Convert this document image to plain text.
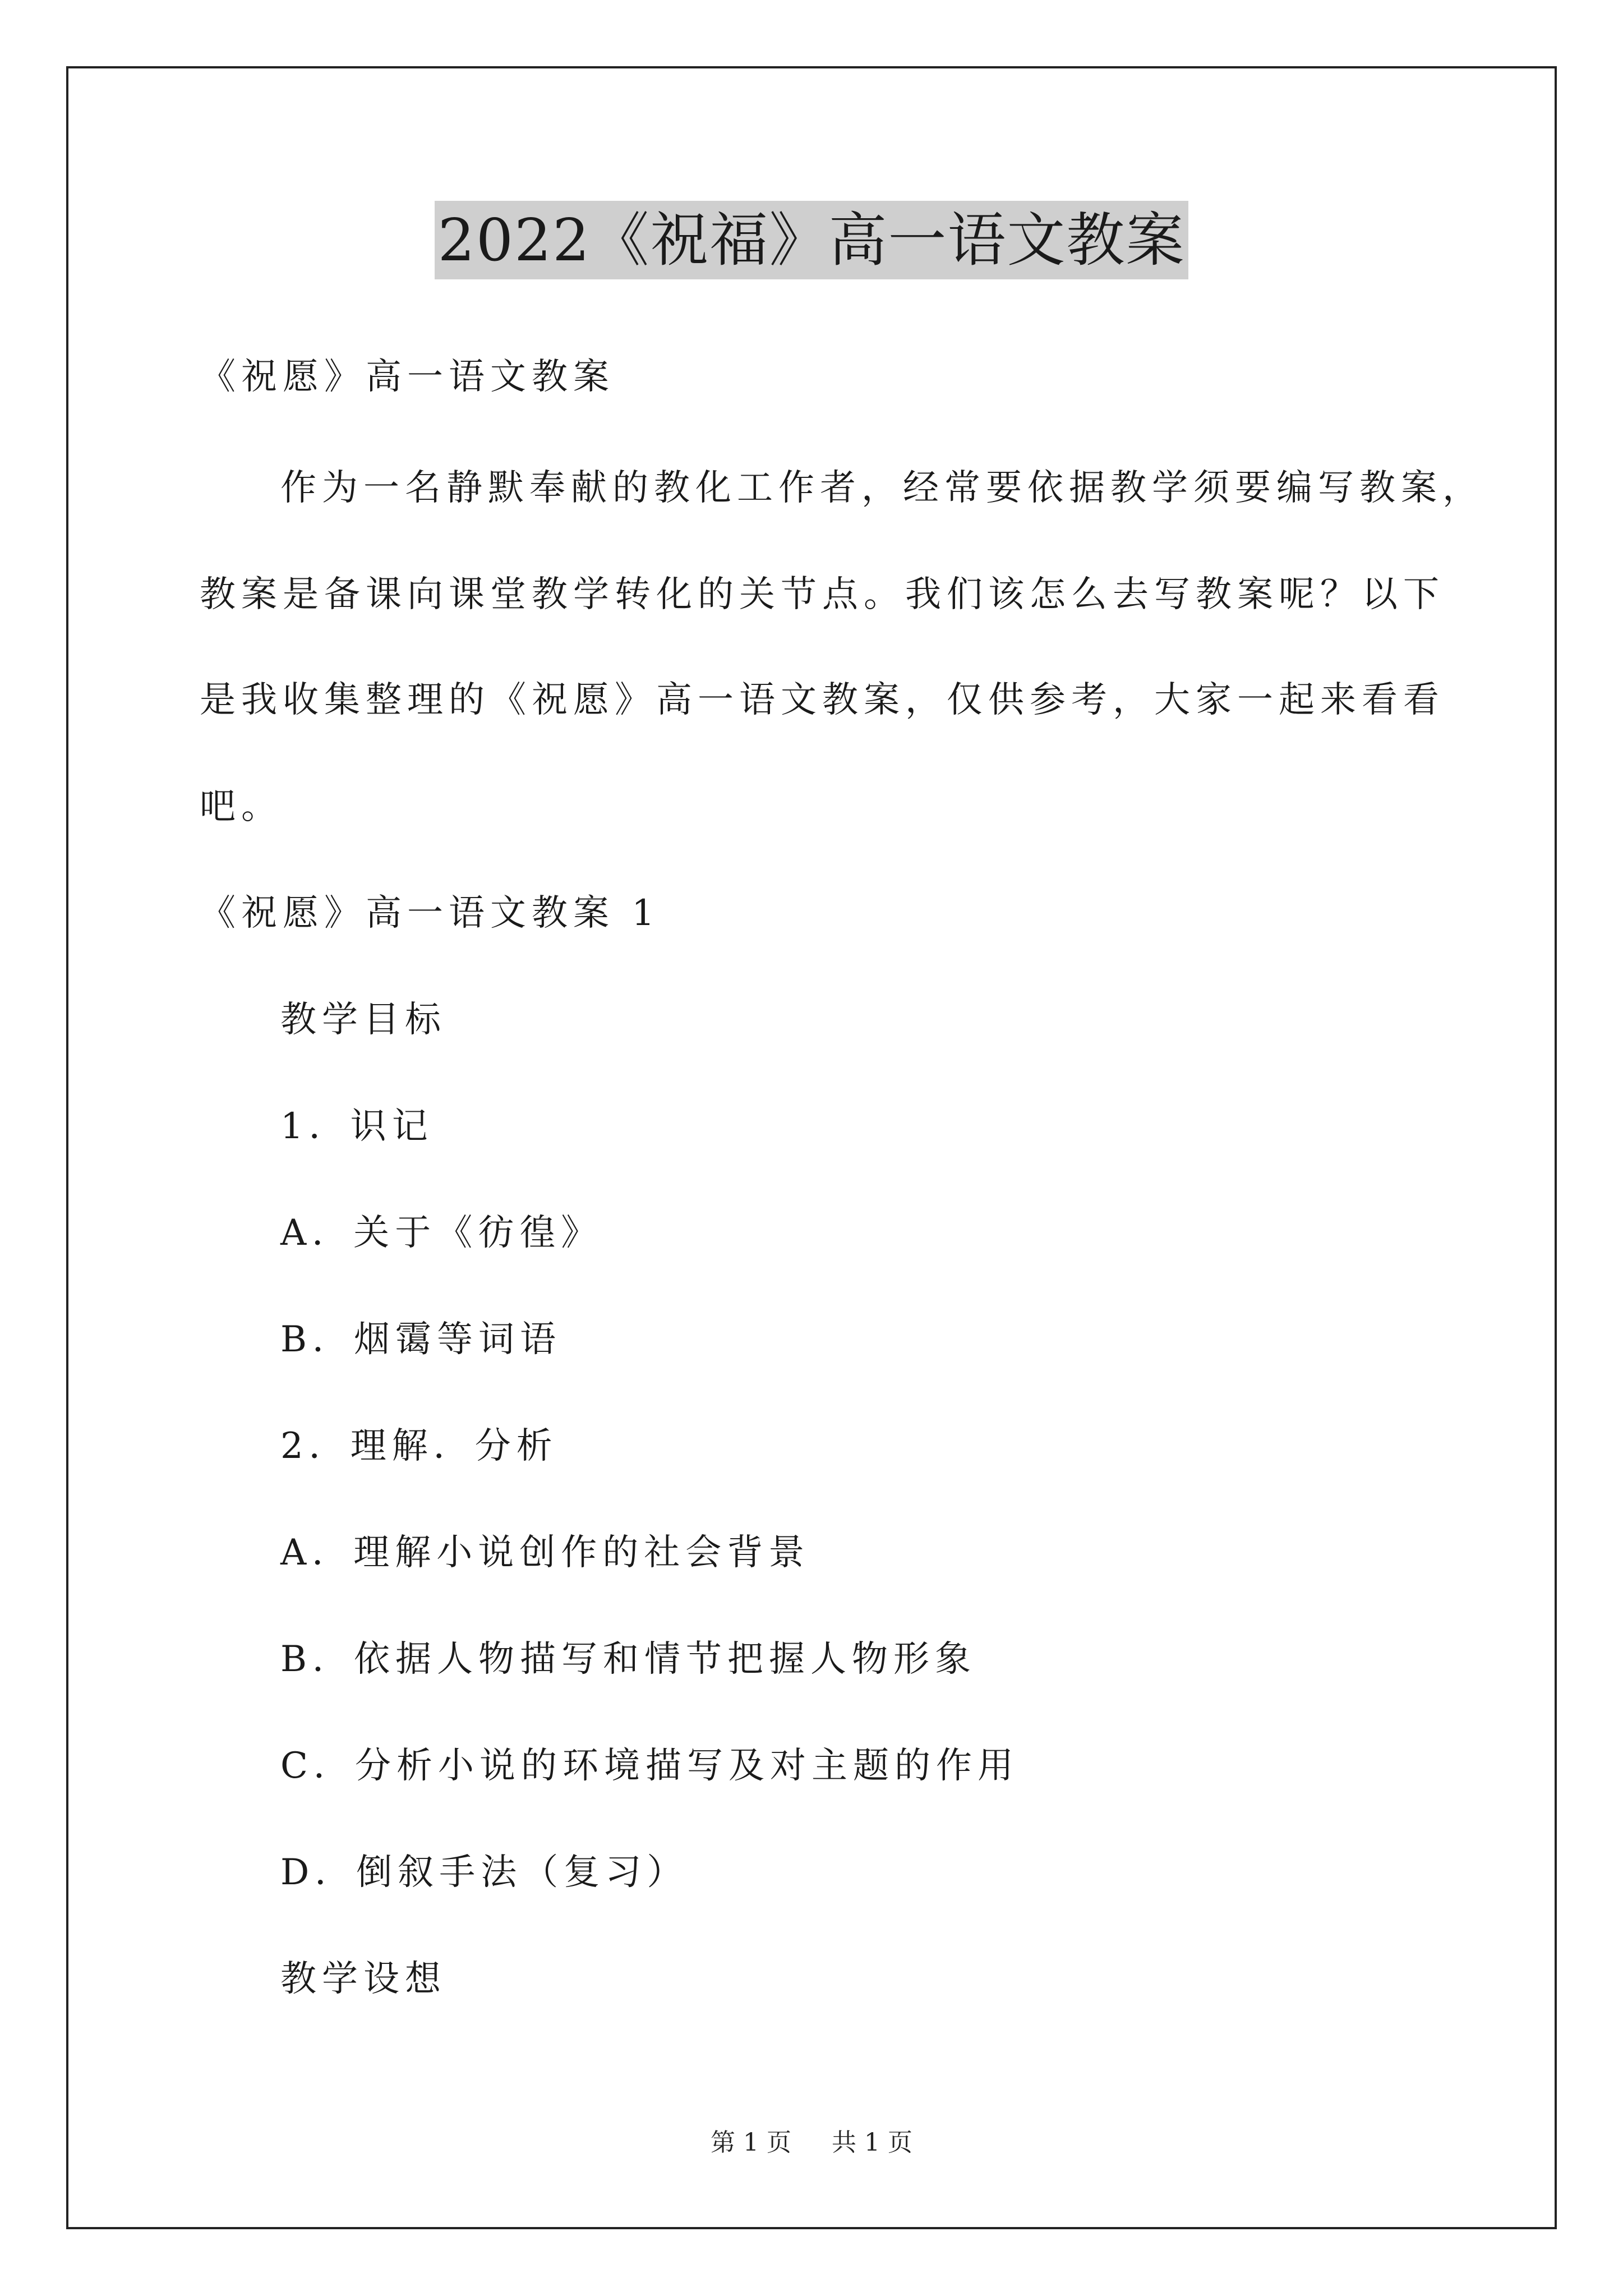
2022《祝福》高一语文教案
《祝愿》高一语文教案
作为一名静默奉献的教化工作者，经常要依据教学须要编写教案，
教案是备课向课堂教学转化的关节点。我们该怎么去写教案呢？以下
是我收集整理的《祝愿》高一语文教案，仅供参考，大家一起来看看
吧。
《祝愿》高一语文教案 1
教学目标
1．识记
A．关于《彷徨》
B．烟霭等词语
2．理解．分析
A．理解小说创作的社会背景
B．依据人物描写和情节把握人物形象
C．分析小说的环境描写及对主题的作用
D．倒叙手法（复习）
教学设想
第 1 页 共 1 页
